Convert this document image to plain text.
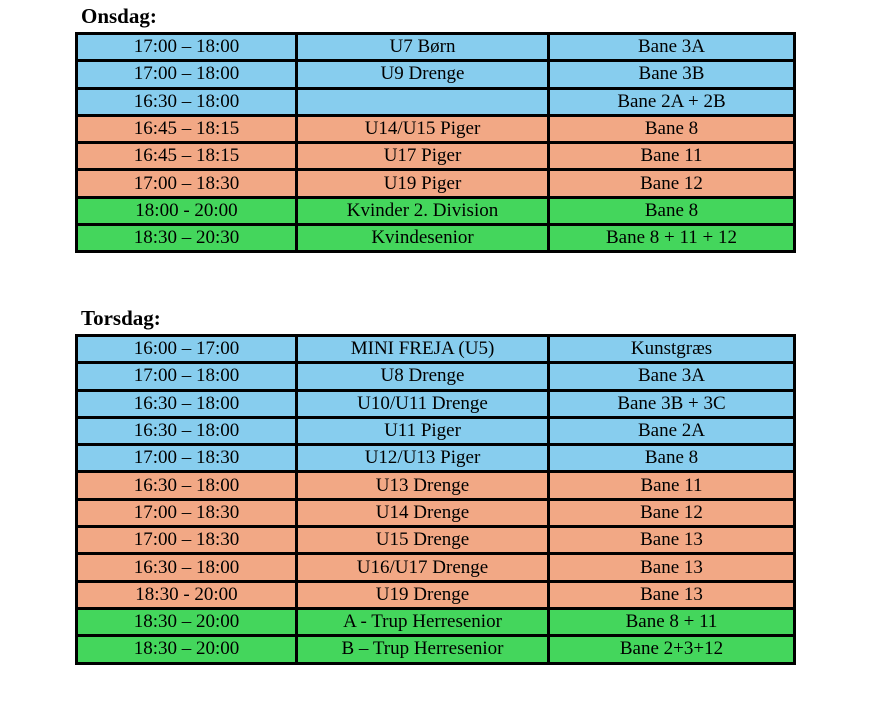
Onsdag:
17:00 – 18:00	U7 Børn	Bane 3A
17:00 – 18:00	U9 Drenge	Bane 3B
16:30 – 18:00		Bane 2A + 2B
16:45 – 18:15	U14/U15 Piger	Bane 8
16:45 – 18:15	U17 Piger	Bane 11
17:00 – 18:30	U19 Piger	Bane 12
18:00 - 20:00	Kvinder 2. Division	Bane 8
18:30 – 20:30	Kvindesenior	Bane 8 + 11 + 12
Torsdag:
16:00 – 17:00	MINI FREJA (U5)	Kunstgræs
17:00 – 18:00	U8 Drenge	Bane 3A
16:30 – 18:00	U10/U11 Drenge	Bane 3B + 3C
16:30 – 18:00	U11 Piger	Bane 2A
17:00 – 18:30	U12/U13 Piger	Bane 8
16:30 – 18:00	U13 Drenge	Bane 11
17:00 – 18:30	U14 Drenge	Bane 12
17:00 – 18:30	U15 Drenge	Bane 13
16:30 – 18:00	U16/U17 Drenge	Bane 13
18:30 - 20:00	U19 Drenge	Bane 13
18:30 – 20:00	A - Trup Herresenior	Bane 8 + 11
18:30 – 20:00	B – Trup Herresenior	Bane 2+3+12
